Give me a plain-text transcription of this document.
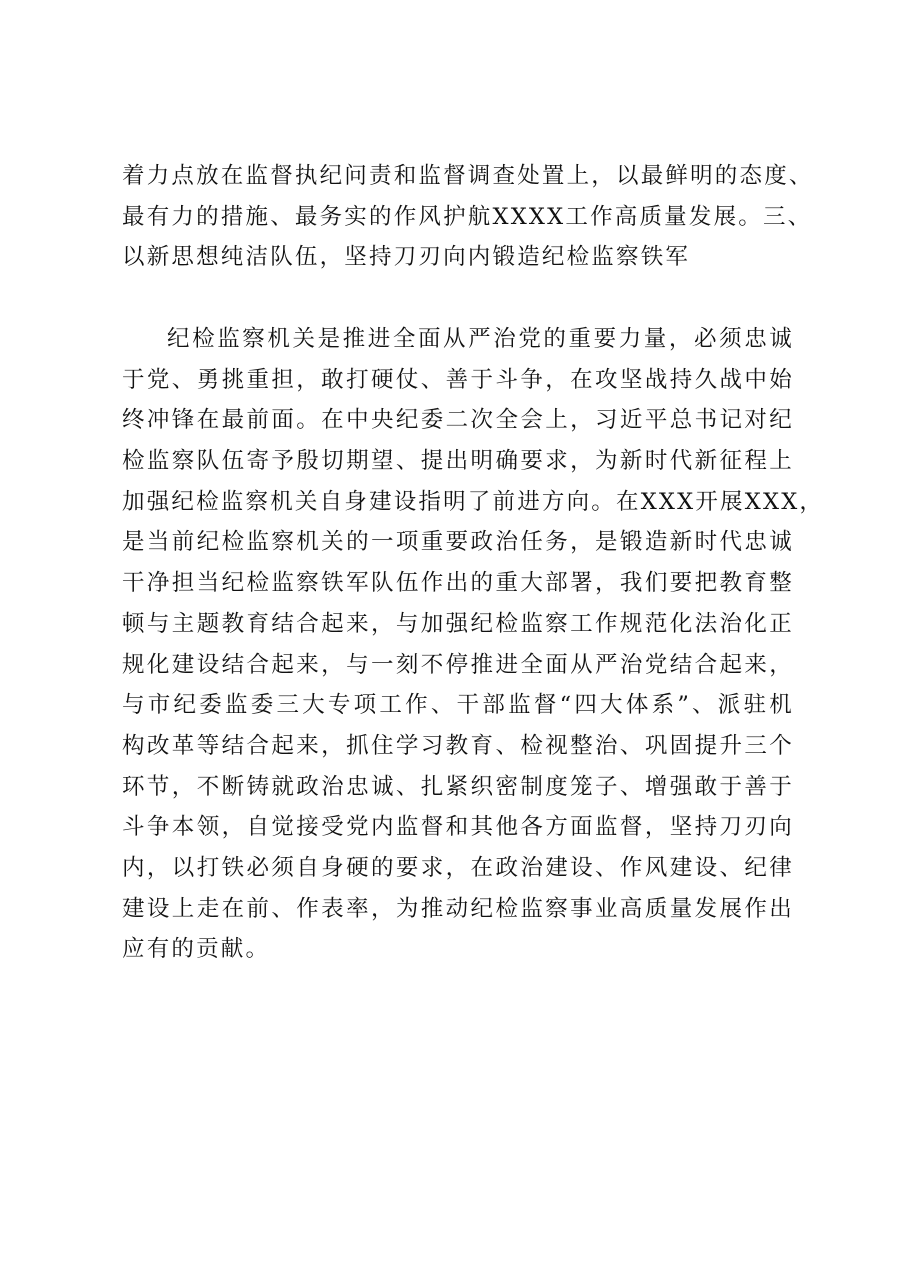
着力点放在监督执纪问责和监督调查处置上，以最鲜明的态度、
最有力的措施、最务实的作风护航XXXX工作高质量发展。三、
以新思想纯洁队伍，坚持刀刃向内锻造纪检监察铁军
纪检监察机关是推进全面从严治党的重要力量，必须忠诚
于党、勇挑重担，敢打硬仗、善于斗争，在攻坚战持久战中始
终冲锋在最前面。在中央纪委二次全会上，习近平总书记对纪
检监察队伍寄予殷切期望、提出明确要求，为新时代新征程上
加强纪检监察机关自身建设指明了前进方向。在XXX开展XXX，
是当前纪检监察机关的一项重要政治任务，是锻造新时代忠诚
干净担当纪检监察铁军队伍作出的重大部署，我们要把教育整
顿与主题教育结合起来，与加强纪检监察工作规范化法治化正
规化建设结合起来，与一刻不停推进全面从严治党结合起来，
与市纪委监委三大专项工作、干部监督“四大体系”、派驻机
构改革等结合起来，抓住学习教育、检视整治、巩固提升三个
环节，不断铸就政治忠诚、扎紧织密制度笼子、增强敢于善于
斗争本领，自觉接受党内监督和其他各方面监督，坚持刀刃向
内，以打铁必须自身硬的要求，在政治建设、作风建设、纪律
建设上走在前、作表率，为推动纪检监察事业高质量发展作出
应有的贡献。
